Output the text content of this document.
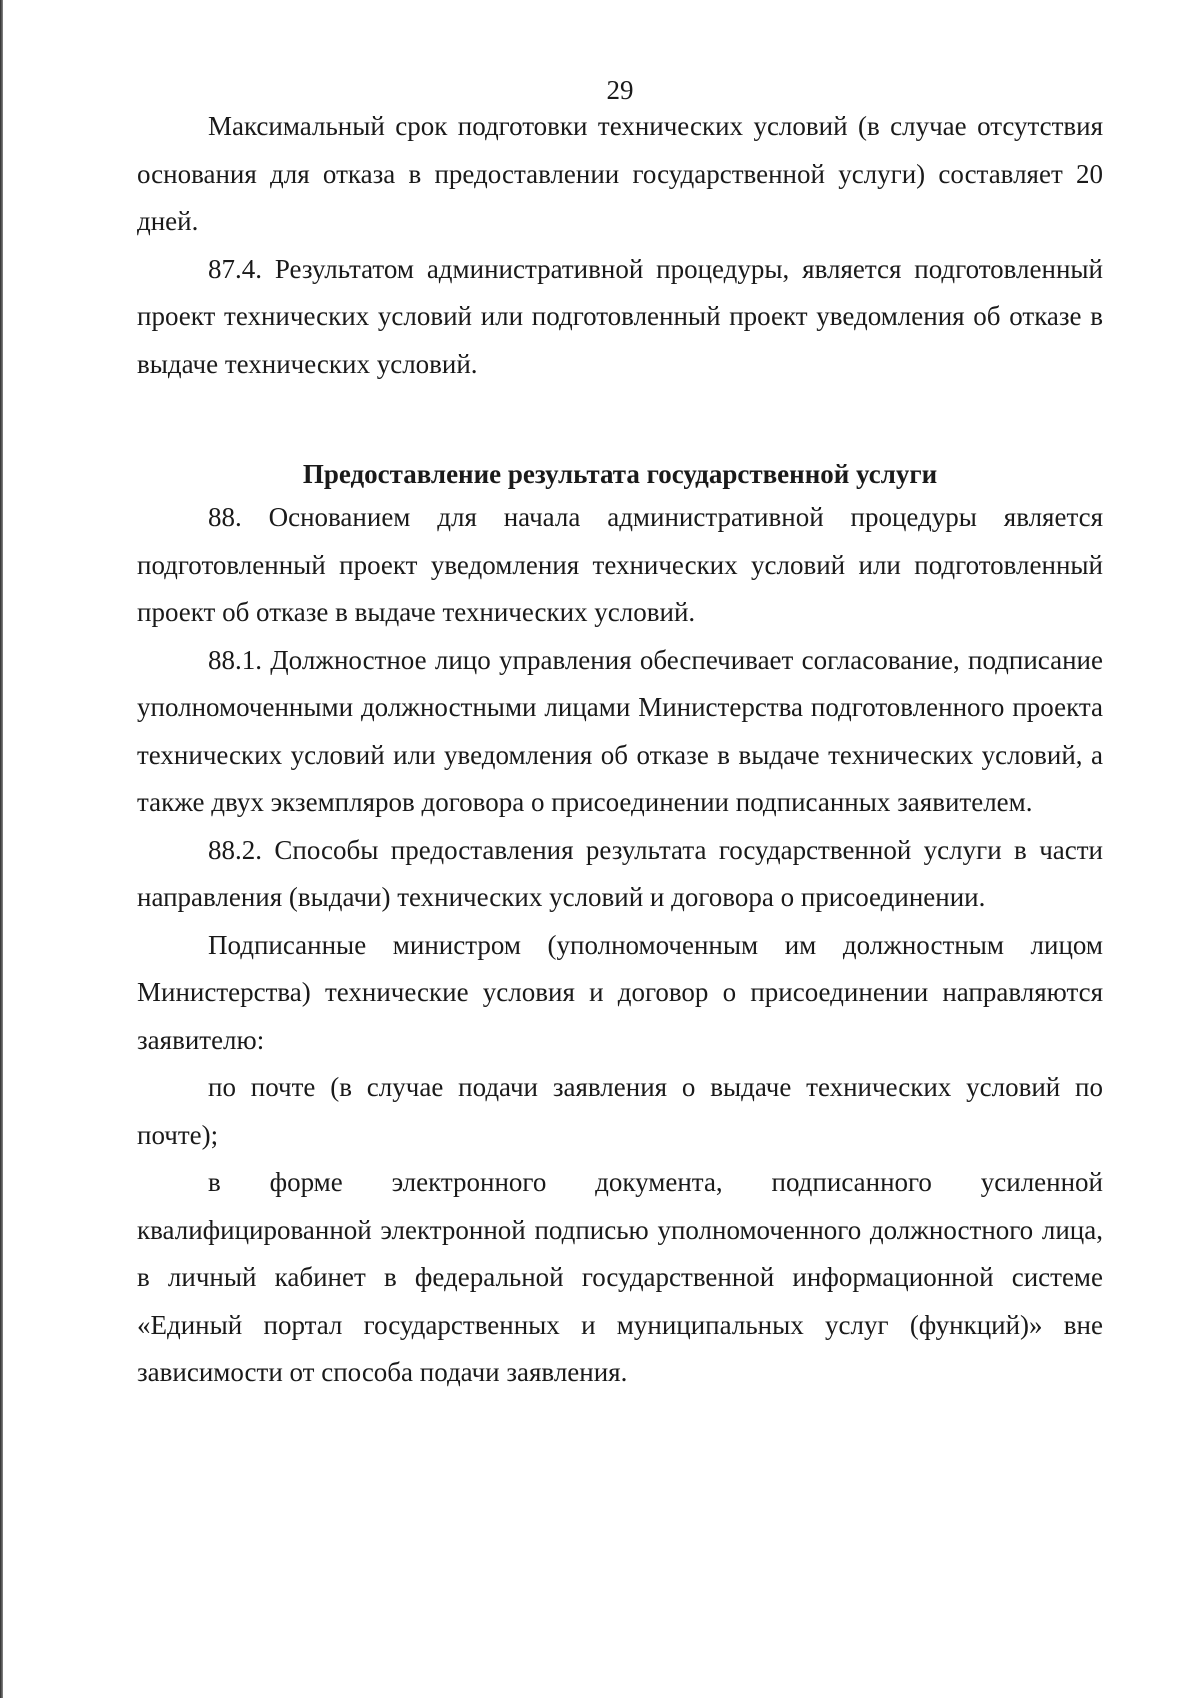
29

Максимальный срок подготовки технических условий (в случае отсутствия основания для отказа в предоставлении государственной услуги) составляет 20 дней.

87.4. Результатом административной процедуры, является подготовленный проект технических условий или подготовленный проект уведомления об отказе в выдаче технических условий.

Предоставление результата государственной услуги

88. Основанием для начала административной процедуры является подготовленный проект уведомления технических условий или подготовленный проект об отказе в выдаче технических условий.

88.1. Должностное лицо управления обеспечивает согласование, подписание уполномоченными должностными лицами Министерства подготовленного проекта технических условий или уведомления об отказе в выдаче технических условий, а также двух экземпляров договора о присоединении подписанных заявителем.

88.2. Способы предоставления результата государственной услуги в части направления (выдачи) технических условий и договора о присоединении.

Подписанные министром (уполномоченным им должностным лицом Министерства) технические условия и договор о присоединении направляются заявителю:

по почте (в случае подачи заявления о выдаче технических условий по почте);

в форме электронного документа, подписанного усиленной квалифицированной электронной подписью уполномоченного должностного лица, в личный кабинет в федеральной государственной информационной системе «Единый портал государственных и муниципальных услуг (функций)» вне зависимости от способа подачи заявления.
